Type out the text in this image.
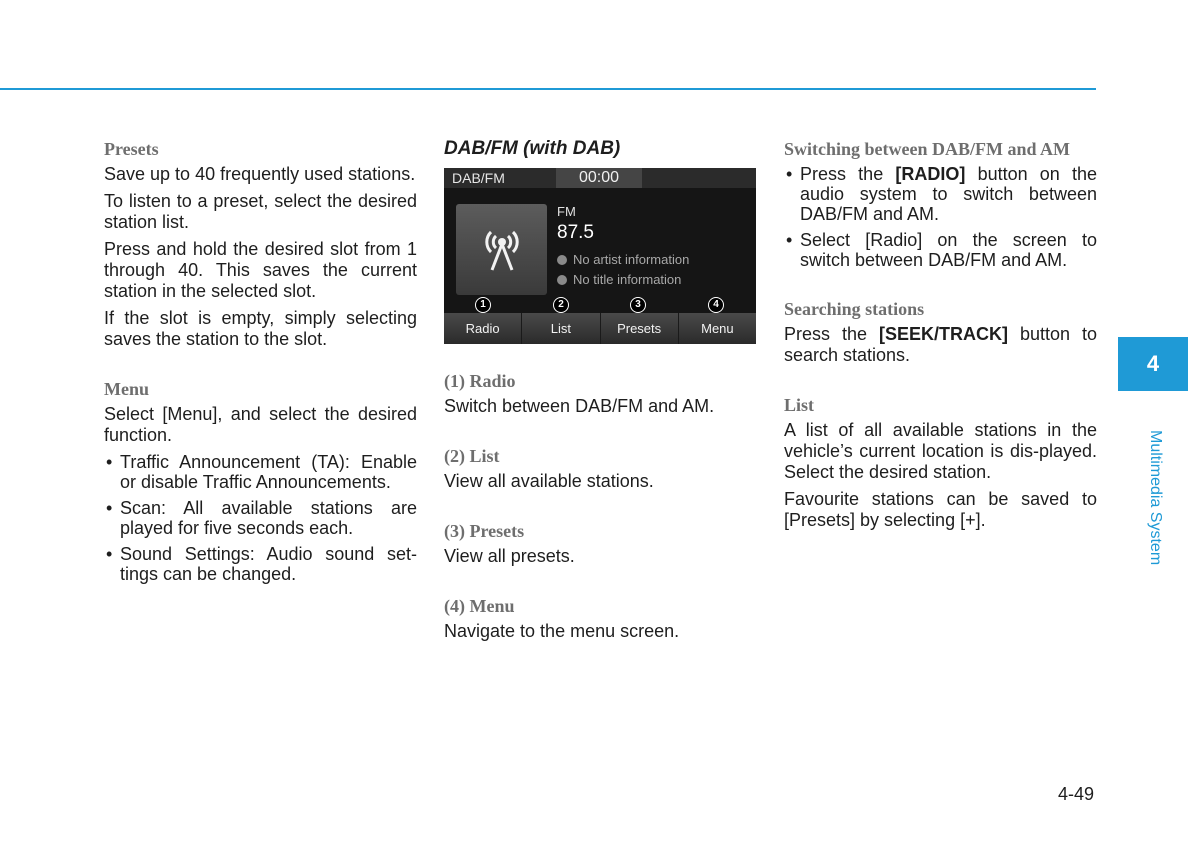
Presets

Save up to 40 frequently used stations.

To listen to a preset, select the desired station list.

Press and hold the desired slot from 1 through 40. This saves the current station in the selected slot.

If the slot is empty, simply selecting saves the station to the slot.

Menu

Select [Menu], and select the desired function.

• Traffic Announcement (TA): Enable or disable Traffic Announcements.
• Scan: All available stations are played for five seconds each.
• Sound Settings: Audio sound set-tings can be changed.
DAB/FM (with DAB)
DAB/FM	00:00
FM
87.5
No artist information
No title information
1	2	3	4
Radio	List	Presets	Menu
(1) Radio

Switch between DAB/FM and AM.

(2) List

View all available stations.

(3) Presets

View all presets.

(4) Menu

Navigate to the menu screen.

Switching between DAB/FM and AM
• Press the [RADIO] button on the audio system to switch between DAB/FM and AM.
• Select [Radio] on the screen to switch between DAB/FM and AM.
Searching stations

Press the [SEEK/TRACK] button to search stations.

List

A list of all available stations in the vehicle’s current location is dis-played. Select the desired station.

Favourite stations can be saved to [Presets] by selecting [+].

4
Multimedia System
4-49
